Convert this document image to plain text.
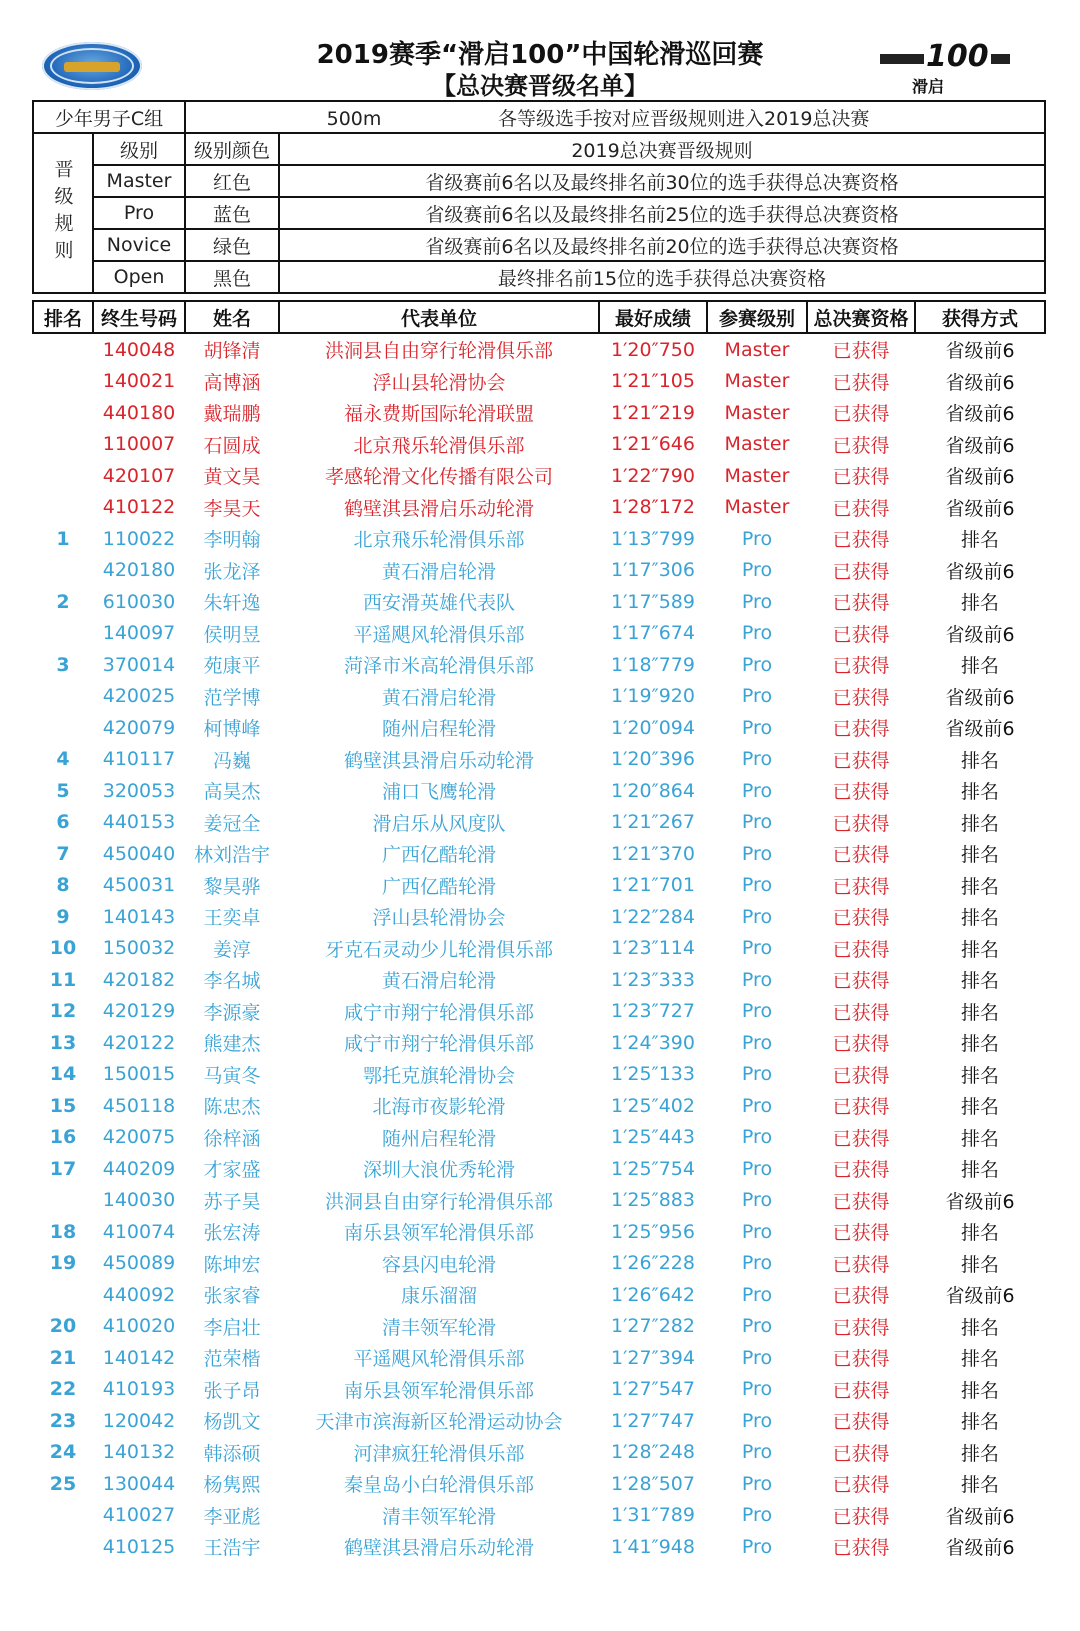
2019赛季“滑启100”中国轮滑巡回赛
【总决赛晋级名单】
100
滑启
少年男子C组		500m 各等级选手按对应晋级规则进入2019总决赛	
晋级规则	级别	级别颜色	2019总决赛晋级规则
	Master	红色	省级赛前6名以及最终排名前30位的选手获得总决赛资格
	Pro	蓝色	省级赛前6名以及最终排名前25位的选手获得总决赛资格
	Novice	绿色	省级赛前6名以及最终排名前20位的选手获得总决赛资格
	Open	黑色	最终排名前15位的选手获得总决赛资格
排名	终生号码	姓名	代表单位	最好成绩	参赛级别	总决赛资格	获得方式
	140048	胡锋清	洪洞县自由穿行轮滑俱乐部	1′20″750	Master	已获得	省级前6
	140021	高博涵	浮山县轮滑协会	1′21″105	Master	已获得	省级前6
	440180	戴瑞鹏	福永费斯国际轮滑联盟	1′21″219	Master	已获得	省级前6
	110007	石圆成	北京飛乐轮滑俱乐部	1′21″646	Master	已获得	省级前6
	420107	黄文昊	孝感轮滑文化传播有限公司	1′22″790	Master	已获得	省级前6
	410122	李昊天	鹤壁淇县滑启乐动轮滑	1′28″172	Master	已获得	省级前6
1	110022	李明翰	北京飛乐轮滑俱乐部	1′13″799	Pro	已获得	排名
	420180	张龙泽	黄石滑启轮滑	1′17″306	Pro	已获得	省级前6
2	610030	朱轩逸	西安滑英雄代表队	1′17″589	Pro	已获得	排名
	140097	侯明昱	平遥飓风轮滑俱乐部	1′17″674	Pro	已获得	省级前6
3	370014	苑康平	菏泽市米高轮滑俱乐部	1′18″779	Pro	已获得	排名
	420025	范学博	黄石滑启轮滑	1′19″920	Pro	已获得	省级前6
	420079	柯博峰	随州启程轮滑	1′20″094	Pro	已获得	省级前6
4	410117	冯巍	鹤壁淇县滑启乐动轮滑	1′20″396	Pro	已获得	排名
5	320053	高昊杰	浦口飞鹰轮滑	1′20″864	Pro	已获得	排名
6	440153	姜冠全	滑启乐从风度队	1′21″267	Pro	已获得	排名
7	450040	林刘浩宇	广西亿酷轮滑	1′21″370	Pro	已获得	排名
8	450031	黎昊骅	广西亿酷轮滑	1′21″701	Pro	已获得	排名
9	140143	王奕卓	浮山县轮滑协会	1′22″284	Pro	已获得	排名
10	150032	姜淳	牙克石灵动少儿轮滑俱乐部	1′23″114	Pro	已获得	排名
11	420182	李名城	黄石滑启轮滑	1′23″333	Pro	已获得	排名
12	420129	李源豪	咸宁市翔宁轮滑俱乐部	1′23″727	Pro	已获得	排名
13	420122	熊建杰	咸宁市翔宁轮滑俱乐部	1′24″390	Pro	已获得	排名
14	150015	马寅冬	鄂托克旗轮滑协会	1′25″133	Pro	已获得	排名
15	450118	陈忠杰	北海市夜影轮滑	1′25″402	Pro	已获得	排名
16	420075	徐梓涵	随州启程轮滑	1′25″443	Pro	已获得	排名
17	440209	才家盛	深圳大浪优秀轮滑	1′25″754	Pro	已获得	排名
	140030	苏子昊	洪洞县自由穿行轮滑俱乐部	1′25″883	Pro	已获得	省级前6
18	410074	张宏涛	南乐县领军轮滑俱乐部	1′25″956	Pro	已获得	排名
19	450089	陈坤宏	容县闪电轮滑	1′26″228	Pro	已获得	排名
	440092	张家睿	康乐溜溜	1′26″642	Pro	已获得	省级前6
20	410020	李启壮	清丰领军轮滑	1′27″282	Pro	已获得	排名
21	140142	范荣楷	平遥飓风轮滑俱乐部	1′27″394	Pro	已获得	排名
22	410193	张子昂	南乐县领军轮滑俱乐部	1′27″547	Pro	已获得	排名
23	120042	杨凯文	天津市滨海新区轮滑运动协会	1′27″747	Pro	已获得	排名
24	140132	韩添硕	河津疯狂轮滑俱乐部	1′28″248	Pro	已获得	排名
25	130044	杨隽熙	秦皇岛小白轮滑俱乐部	1′28″507	Pro	已获得	排名
	410027	李亚彪	清丰领军轮滑	1′31″789	Pro	已获得	省级前6
	410125	王浩宇	鹤壁淇县滑启乐动轮滑	1′41″948	Pro	已获得	省级前6
